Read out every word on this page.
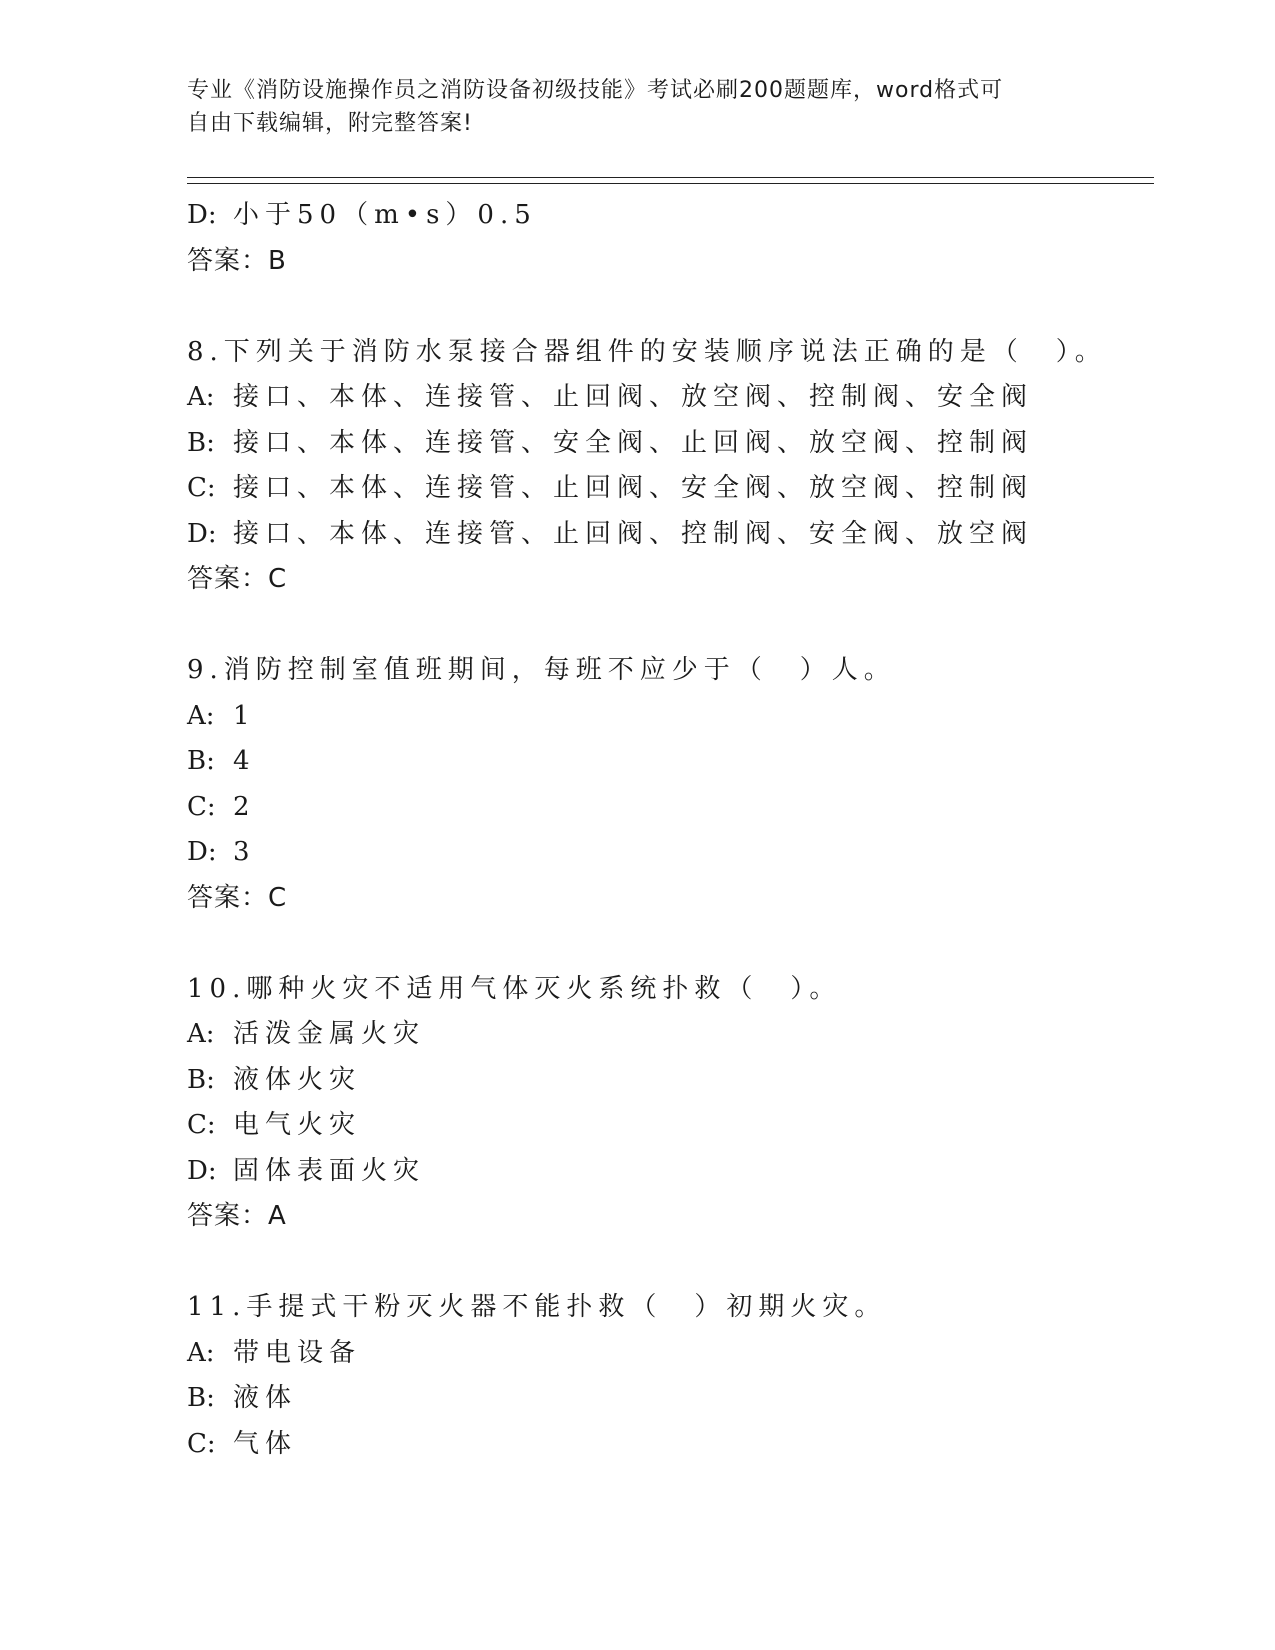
专业《消防设施操作员之消防设备初级技能》考试必刷200题题库，word格式可
自由下载编辑，附完整答案!
D: 小于50（m•s）0.5
答案：B
8.下列关于消防水泵接合器组件的安装顺序说法正确的是（　）。
A: 接口、本体、连接管、止回阀、放空阀、控制阀、安全阀
B: 接口、本体、连接管、安全阀、止回阀、放空阀、控制阀
C: 接口、本体、连接管、止回阀、安全阀、放空阀、控制阀
D: 接口、本体、连接管、止回阀、控制阀、安全阀、放空阀
答案：C
9.消防控制室值班期间，每班不应少于（　）人。
A: 1
B: 4
C: 2
D: 3
答案：C
10.哪种火灾不适用气体灭火系统扑救（　）。
A: 活泼金属火灾
B: 液体火灾
C: 电气火灾
D: 固体表面火灾
答案：A
11.手提式干粉灭火器不能扑救（　）初期火灾。
A: 带电设备
B: 液体
C: 气体
